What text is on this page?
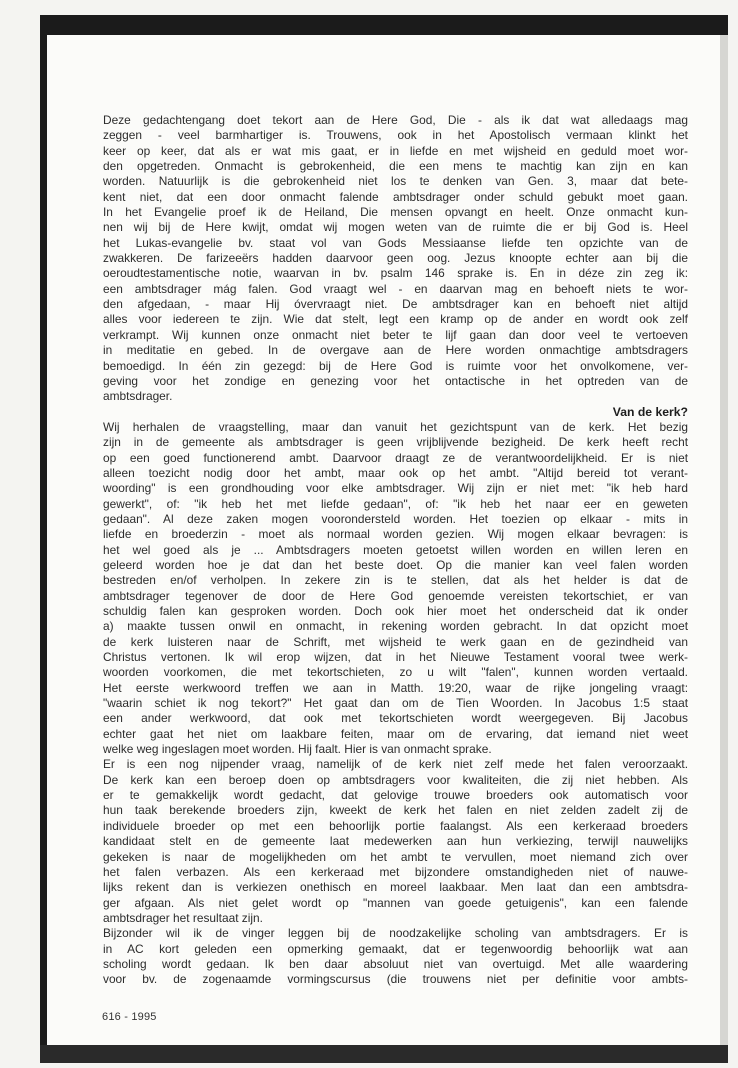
Deze gedachtengang doet tekort aan de Here God, Die - als ik dat wat alledaags mag
zeggen - veel barmhartiger is. Trouwens, ook in het Apostolisch vermaan klinkt het
keer op keer, dat als er wat mis gaat, er in liefde en met wijsheid en geduld moet wor-
den opgetreden. Onmacht is gebrokenheid, die een mens te machtig kan zijn en kan
worden. Natuurlijk is die gebrokenheid niet los te denken van Gen. 3, maar dat bete-
kent niet, dat een door onmacht falende ambtsdrager onder schuld gebukt moet gaan.
In het Evangelie proef ik de Heiland, Die mensen opvangt en heelt. Onze onmacht kun-
nen wij bij de Here kwijt, omdat wij mogen weten van de ruimte die er bij God is. Heel
het Lukas-evangelie bv. staat vol van Gods Messiaanse liefde ten opzichte van de
zwakkeren. De farizeeërs hadden daarvoor geen oog. Jezus knoopte echter aan bij die
oeroudtestamentische notie, waarvan in bv. psalm 146 sprake is. En in déze zin zeg ik:
een ambtsdrager mág falen. God vraagt wel - en daarvan mag en behoeft niets te wor-
den afgedaan, - maar Hij óvervraagt niet. De ambtsdrager kan en behoeft niet altijd
alles voor iedereen te zijn. Wie dat stelt, legt een kramp op de ander en wordt ook zelf
verkrampt. Wij kunnen onze onmacht niet beter te lijf gaan dan door veel te vertoeven
in meditatie en gebed. In de overgave aan de Here worden onmachtige ambtsdragers
bemoedigd. In één zin gezegd: bij de Here God is ruimte voor het onvolkomene, ver-
geving voor het zondige en genezing voor het ontactische in het optreden van de
ambtsdrager.
Van de kerk?
Wij herhalen de vraagstelling, maar dan vanuit het gezichtspunt van de kerk. Het bezig
zijn in de gemeente als ambtsdrager is geen vrijblijvende bezigheid. De kerk heeft recht
op een goed functionerend ambt. Daarvoor draagt ze de verantwoordelijkheid. Er is niet
alleen toezicht nodig door het ambt, maar ook op het ambt. "Altijd bereid tot verant-
woording" is een grondhouding voor elke ambtsdrager. Wij zijn er niet met: "ik heb hard
gewerkt", of: "ik heb het met liefde gedaan", of: "ik heb het naar eer en geweten
gedaan". Al deze zaken mogen voorondersteld worden. Het toezien op elkaar - mits in
liefde en broederzin - moet als normaal worden gezien. Wij mogen elkaar bevragen: is
het wel goed als je ... Ambtsdragers moeten getoetst willen worden en willen leren en
geleerd worden hoe je dat dan het beste doet. Op die manier kan veel falen worden
bestreden en/of verholpen. In zekere zin is te stellen, dat als het helder is dat de
ambtsdrager tegenover de door de Here God genoemde vereisten tekortschiet, er van
schuldig falen kan gesproken worden. Doch ook hier moet het onderscheid dat ik onder
a) maakte tussen onwil en onmacht, in rekening worden gebracht. In dat opzicht moet
de kerk luisteren naar de Schrift, met wijsheid te werk gaan en de gezindheid van
Christus vertonen. Ik wil erop wijzen, dat in het Nieuwe Testament vooral twee werk-
woorden voorkomen, die met tekortschieten, zo u wilt "falen", kunnen worden vertaald.
Het eerste werkwoord treffen we aan in Matth. 19:20, waar de rijke jongeling vraagt:
"waarin schiet ik nog tekort?" Het gaat dan om de Tien Woorden. In Jacobus 1:5 staat
een ander werkwoord, dat ook met tekortschieten wordt weergegeven. Bij Jacobus
echter gaat het niet om laakbare feiten, maar om de ervaring, dat iemand niet weet
welke weg ingeslagen moet worden. Hij faalt. Hier is van onmacht sprake.
Er is een nog nijpender vraag, namelijk of de kerk niet zelf mede het falen veroorzaakt.
De kerk kan een beroep doen op ambtsdragers voor kwaliteiten, die zij niet hebben. Als
er te gemakkelijk wordt gedacht, dat gelovige trouwe broeders ook automatisch voor
hun taak berekende broeders zijn, kweekt de kerk het falen en niet zelden zadelt zij de
individuele broeder op met een behoorlijk portie faalangst. Als een kerkeraad broeders
kandidaat stelt en de gemeente laat medewerken aan hun verkiezing, terwijl nauwelijks
gekeken is naar de mogelijkheden om het ambt te vervullen, moet niemand zich over
het falen verbazen. Als een kerkeraad met bijzondere omstandigheden niet of nauwe-
lijks rekent dan is verkiezen onethisch en moreel laakbaar. Men laat dan een ambtsdra-
ger afgaan. Als niet gelet wordt op "mannen van goede getuigenis", kan een falende
ambtsdrager het resultaat zijn.
Bijzonder wil ik de vinger leggen bij de noodzakelijke scholing van ambtsdragers. Er is
in AC kort geleden een opmerking gemaakt, dat er tegenwoordig behoorlijk wat aan
scholing wordt gedaan. Ik ben daar absoluut niet van overtuigd. Met alle waardering
voor bv. de zogenaamde vormingscursus (die trouwens niet per definitie voor ambts-
616 - 1995
